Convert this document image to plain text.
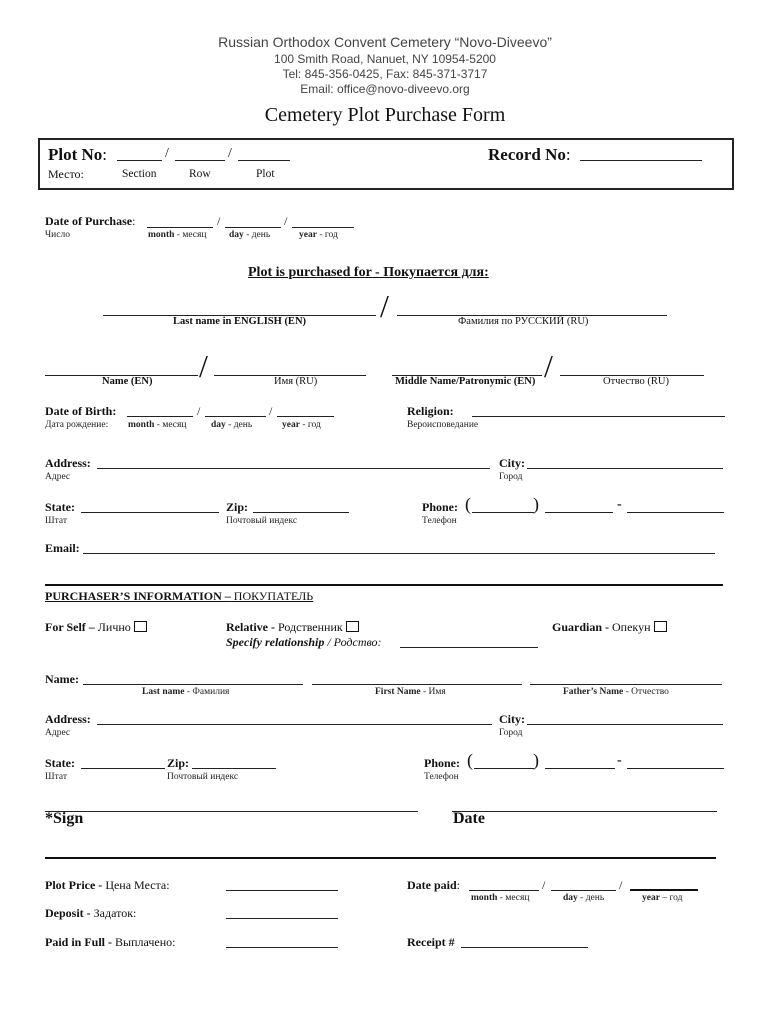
Russian Orthodox Convent Cemetery “Novo-Diveevo”
100 Smith Road, Nanuet, NY 10954-5200
Tel: 845-356-0425, Fax: 845-371-3717
Email: office@novo-diveevo.org
Cemetery Plot Purchase Form
Plot No:	/	/
Место:	Section	Row	Plot
Record No:
Date of Purchase:	/	/
Число	month - месяц day - день	year - год
Plot is purchased for - Покупается для:
/
Last name in ENGLISH (EN)	Фамилия по РУССКИЙ (RU)
/	/
Name (EN)	Имя (RU)	Middle Name/Patronymic (EN)	Отчество (RU)
Date of Birth:	/	/
Дата рождение: month - месяц	day - день	year - год
Religion:
Вероисповедание
Address:
Адрес
City:
Город
State:
Штат
Zip:
Почтовый индекс
Phone: (	)	-
Телефон
Email:
PURCHASER’S INFORMATION – ПОКУПАТЕЛЬ
For Self – Лично	Relative - Родственник	Guardian - Опекун
Specify relationship / Родство:
Name:
Last name - Фамилия	First Name - Имя	Father’s Name - Отчество
Address:
Адрес
City:
Город
State:
Штат
Zip:
Почтовый индекс
Phone: (	)	-
Телефон
*Sign	Date
Plot Price - Цена Места:
Deposit - Задаток:
Paid in Full - Выплачено:
Date paid:	/	/
month - месяц	day - день	year – год
Receipt #
